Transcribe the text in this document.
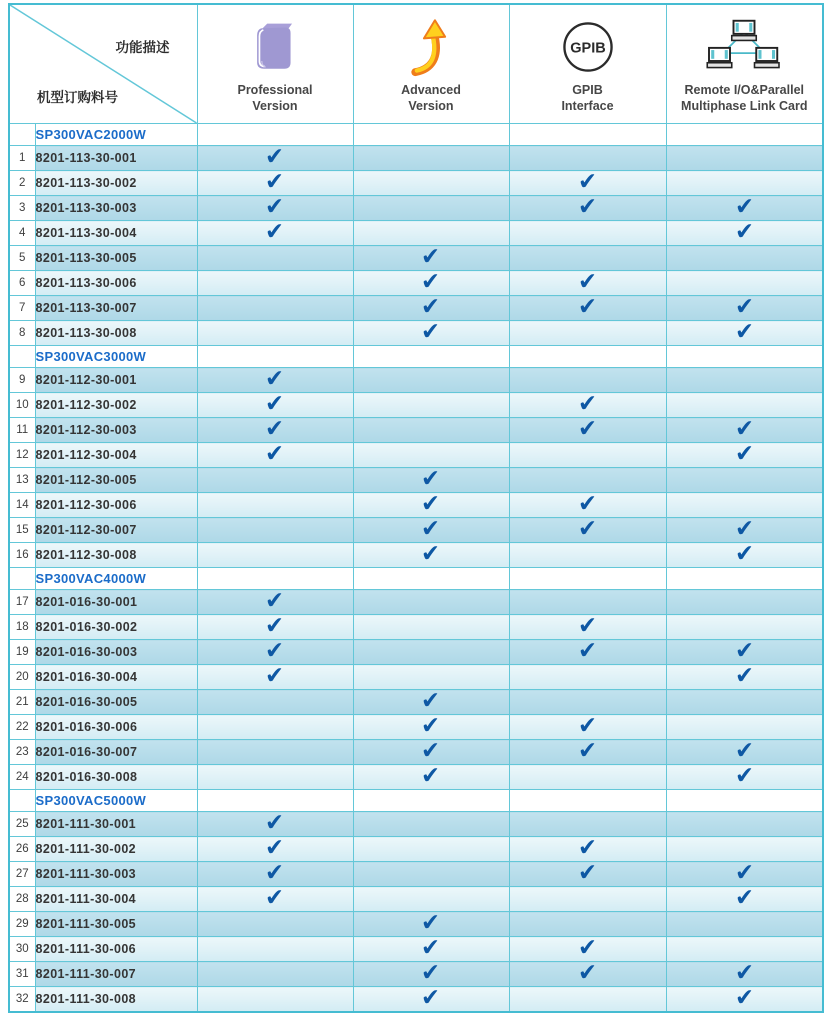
功能描述
机型订购料号

Professional
Version

Advanced
Version

GPIB
GPIB
Interface

Remote I/O&Parallel
Multiphase Link Card

	SP300VAC2000W				
1	8201-113-30-001	✔			
2	8201-113-30-002	✔		✔	
3	8201-113-30-003	✔		✔	✔
4	8201-113-30-004	✔			✔
5	8201-113-30-005		✔		
6	8201-113-30-006		✔	✔	
7	8201-113-30-007		✔	✔	✔
8	8201-113-30-008		✔		✔
	SP300VAC3000W				
9	8201-112-30-001	✔			
10	8201-112-30-002	✔		✔	
11	8201-112-30-003	✔		✔	✔
12	8201-112-30-004	✔			✔
13	8201-112-30-005		✔		
14	8201-112-30-006		✔	✔	
15	8201-112-30-007		✔	✔	✔
16	8201-112-30-008		✔		✔
	SP300VAC4000W				
17	8201-016-30-001	✔			
18	8201-016-30-002	✔		✔	
19	8201-016-30-003	✔		✔	✔
20	8201-016-30-004	✔			✔
21	8201-016-30-005		✔		
22	8201-016-30-006		✔	✔	
23	8201-016-30-007		✔	✔	✔
24	8201-016-30-008		✔		✔
	SP300VAC5000W				
25	8201-111-30-001	✔			
26	8201-111-30-002	✔		✔	
27	8201-111-30-003	✔		✔	✔
28	8201-111-30-004	✔			✔
29	8201-111-30-005		✔		
30	8201-111-30-006		✔	✔	
31	8201-111-30-007		✔	✔	✔
32	8201-111-30-008		✔		✔
